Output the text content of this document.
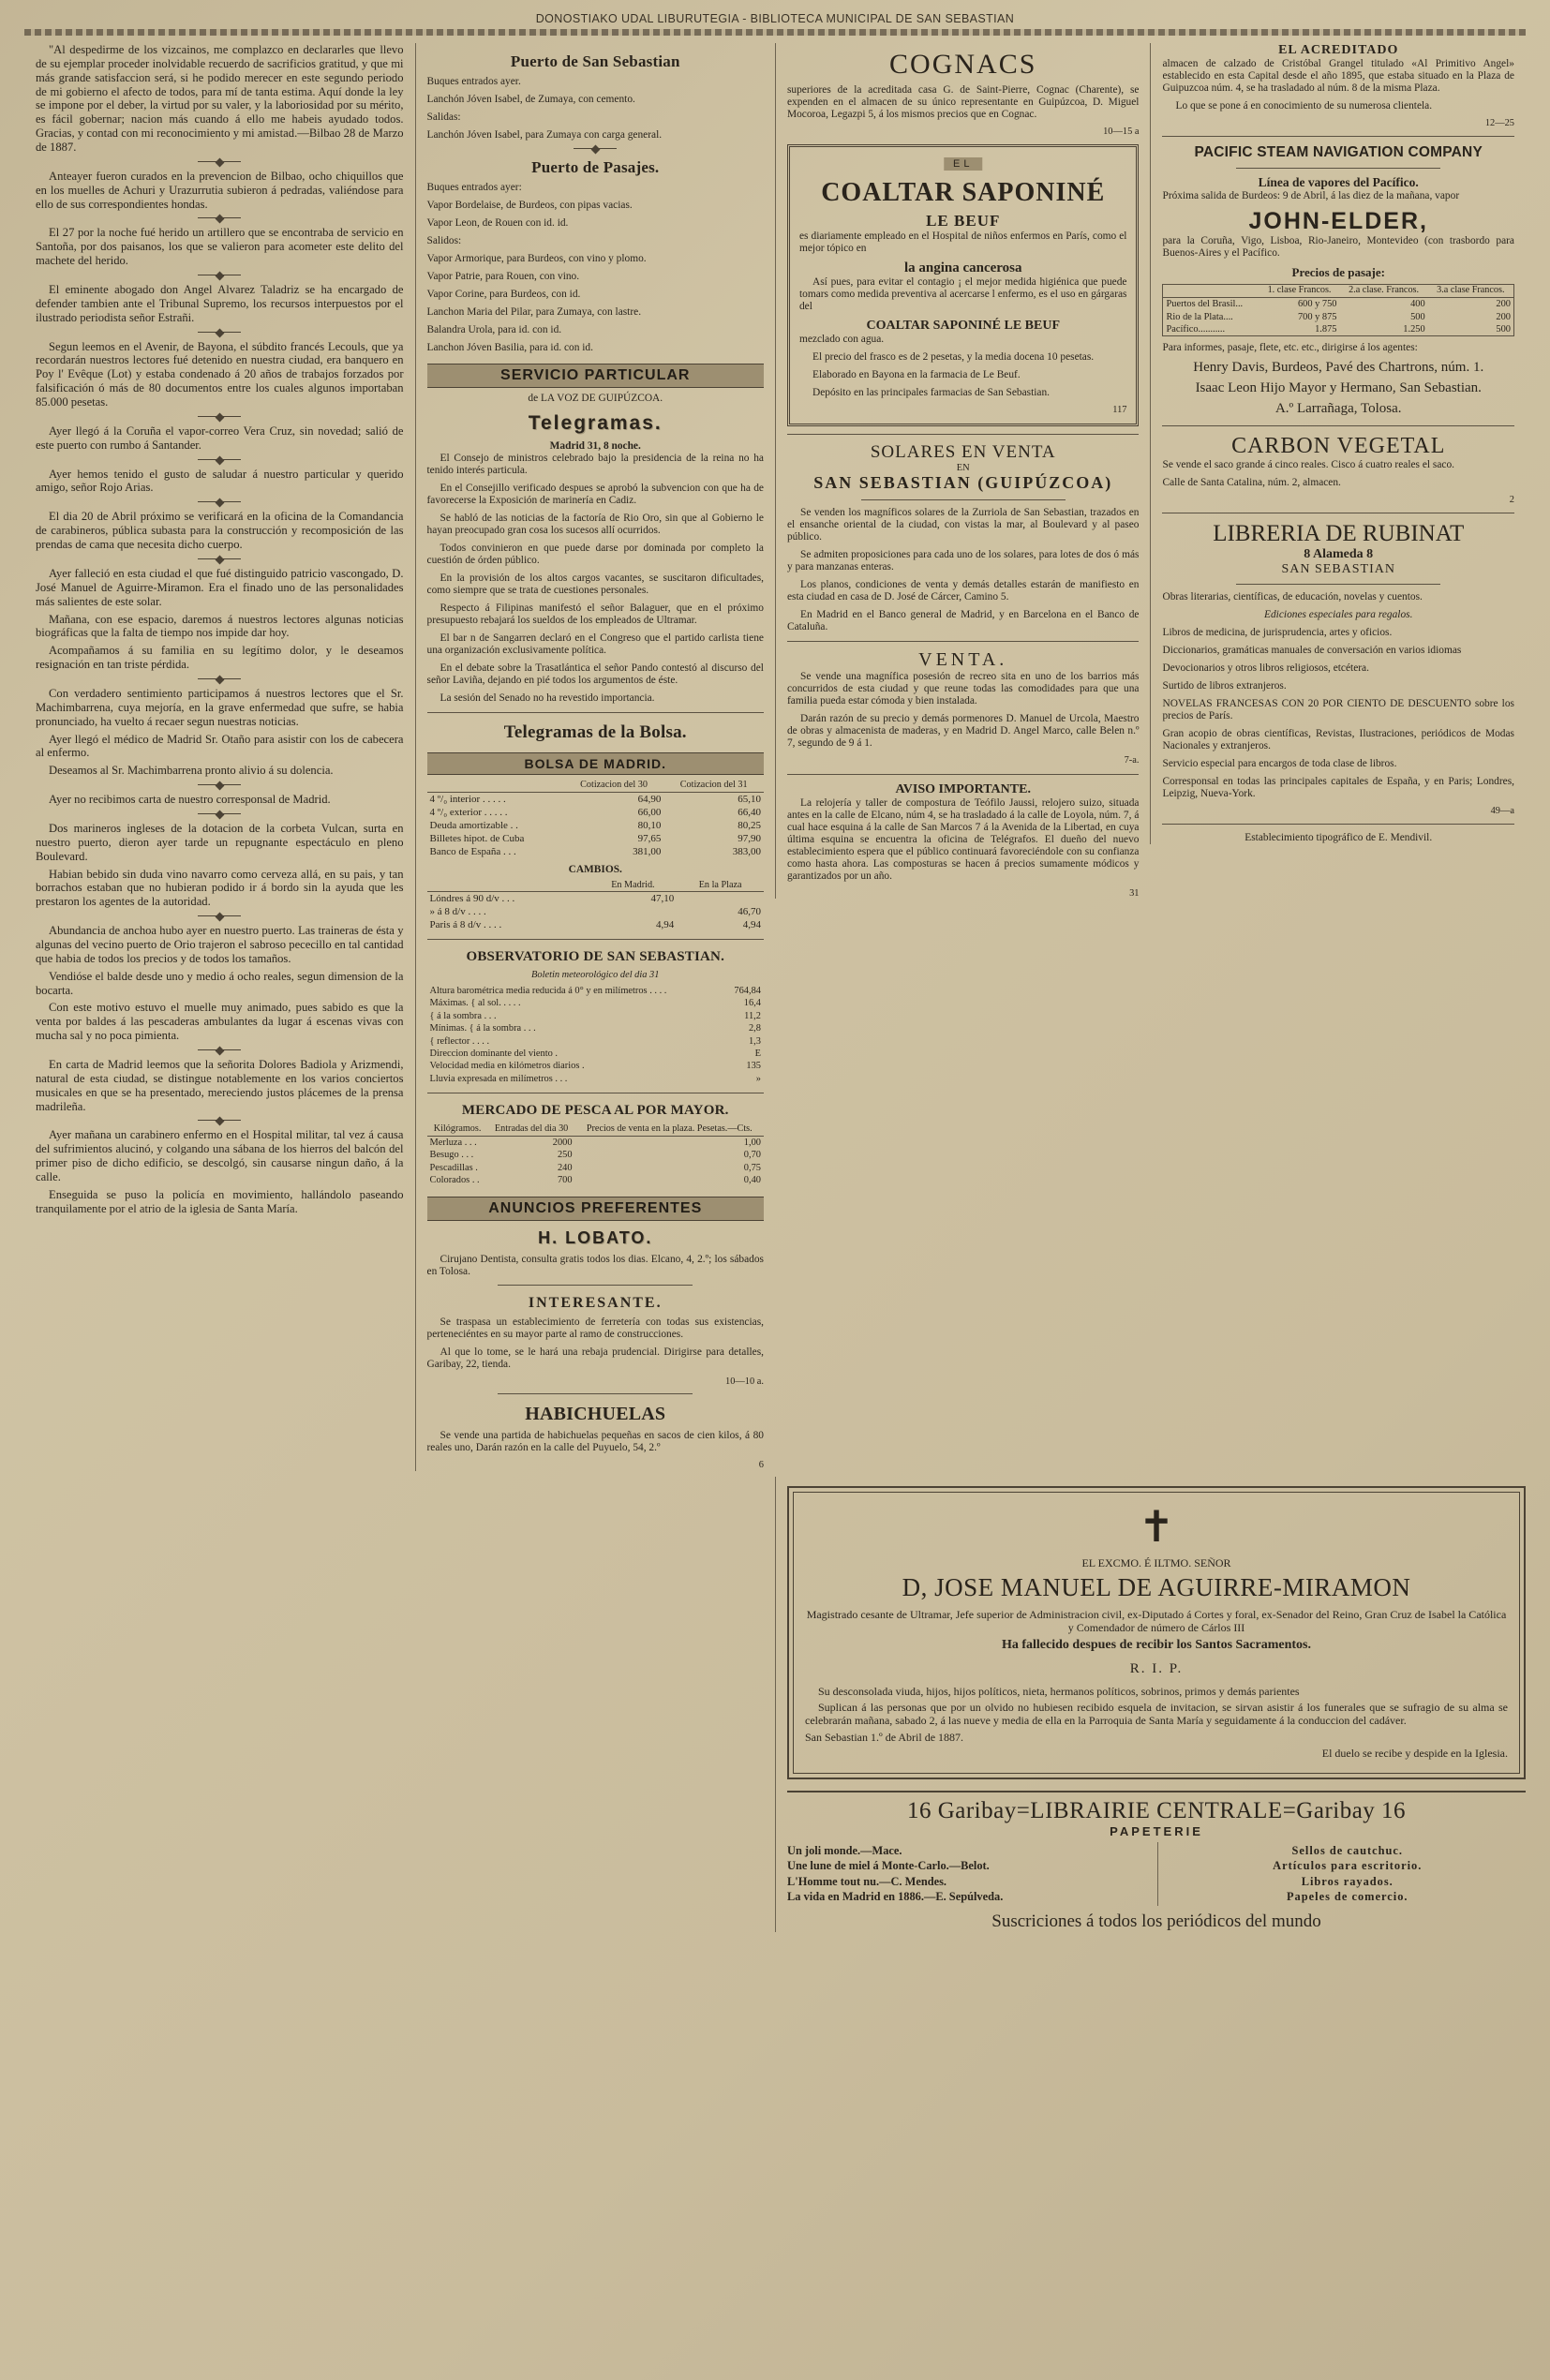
DONOSTIAKO UDAL LIBURUTEGIA - BIBLIOTECA MUNICIPAL DE SAN SEBASTIAN

"Al despedirme de los vizcainos, me complazco en declararles que llevo de su ejemplar proceder inolvidable recuerdo de sacrificios gratitud, y que mi más grande satisfaccion será, si he podido merecer en este segundo periodo de mi gobierno el afecto de todos, para mí de tanta estima. Aquí donde la ley se impone por el deber, la virtud por su valer, y la laboriosidad por su mérito, es fácil gobernar; nacion más cuando á ello me habeis ayudado todos. Gracias, y contad con mi reconocimiento y mi amistad.—Bilbao 28 de Marzo de 1887.

Anteayer fueron curados en la prevencion de Bilbao, ocho chiquillos que en los muelles de Achuri y Urazurrutia subieron á pedradas, valiéndose para ello de sus correspondientes hondas.

El 27 por la noche fué herido un artillero que se encontraba de servicio en Santoña, por dos paisanos, los que se valieron para acometer este delito del machete del herido.

El eminente abogado don Angel Alvarez Taladriz se ha encargado de defender tambien ante el Tribunal Supremo, los recursos interpuestos por el ilustrado periodista señor Estrañi.

Segun leemos en el Avenir, de Bayona, el súbdito francés Lecouls, que ya recordarán nuestros lectores fué detenido en nuestra ciudad, era banquero en Poy l' Evêque (Lot) y estaba condenado á 20 años de trabajos forzados por falsificación ó más de 80 documentos entre los cuales algunos importaban 85.000 pesetas.

Ayer llegó á la Coruña el vapor-correo Vera Cruz, sin novedad; salió de este puerto con rumbo á Santander.

Ayer hemos tenido el gusto de saludar á nuestro particular y querido amigo, señor Rojo Arias.

El dia 20 de Abril próximo se verificará en la oficina de la Comandancia de carabineros, pública subasta para la construcción y recomposición de las prendas de cama que necesita dicho cuerpo.

Ayer falleció en esta ciudad el que fué distinguido patricio vascongado, D. José Manuel de Aguirre-Miramon. Era el finado uno de las personalidades más salientes de este solar.

Mañana, con ese espacio, daremos á nuestros lectores algunas noticias biográficas que la falta de tiempo nos impide dar hoy.

Acompañamos á su familia en su legítimo dolor, y le deseamos resignación en tan triste pérdida.

Con verdadero sentimiento participamos á nuestros lectores que el Sr. Machimbarrena, cuya mejoría, en la grave enfermedad que sufre, se habia pronunciado, ha vuelto á recaer segun nuestras noticias.

Ayer llegó el médico de Madrid Sr. Otaño para asistir con los de cabecera al enfermo.

Deseamos al Sr. Machimbarrena pronto alivio á su dolencia.

Ayer no recibimos carta de nuestro corresponsal de Madrid.

Dos marineros ingleses de la dotacion de la corbeta Vulcan, surta en nuestro puerto, dieron ayer tarde un repugnante espectáculo en pleno Boulevard.

Habian bebido sin duda vino navarro como cerveza allá, en su pais, y tan borrachos estaban que no hubieran podido ir á bordo sin la ayuda que les prestaron los agentes de la autoridad.

Abundancia de anchoa hubo ayer en nuestro puerto. Las traineras de ésta y algunas del vecino puerto de Orio trajeron el sabroso pececillo en tal cantidad que habia de todos los precios y de todos los tamaños.

Vendióse el balde desde uno y medio á ocho reales, segun dimension de la bocarta.

Con este motivo estuvo el muelle muy animado, pues sabido es que la venta por baldes á las pescaderas ambulantes da lugar á escenas vivas con mucha sal y no poca pimienta.

En carta de Madrid leemos que la señorita Dolores Badiola y Arizmendi, natural de esta ciudad, se distingue notablemente en los varios conciertos musicales en que se ha presentado, mereciendo justos plácemes de la prensa madrileña.

Ayer mañana un carabinero enfermo en el Hospital militar, tal vez á causa del sufrimientos alucinó, y colgando una sábana de los hierros del balcón del primer piso de dicho edificio, se descolgó, sin causarse ningun daño, á la calle.

Enseguida se puso la policía en movimiento, hallándolo paseando tranquilamente por el atrio de la iglesia de Santa María.

Puerto de San Sebastian

Buques entrados ayer.

Lanchón Jóven Isabel, de Zumaya, con cemento.

Salidas:

Lanchón Jóven Isabel, para Zumaya con carga general.

Puerto de Pasajes.

Buques entrados ayer:

Vapor Bordelaise, de Burdeos, con pipas vacias.

Vapor Leon, de Rouen con id. id.

Salidos:

Vapor Armorique, para Burdeos, con vino y plomo.

Vapor Patrie, para Rouen, con vino.

Vapor Corine, para Burdeos, con id.

Lanchon Maria del Pilar, para Zumaya, con lastre.

Balandra Urola, para id. con id.

Lanchon Jóven Basilia, para id. con id.

SERVICIO PARTICULAR
de LA VOZ DE GUIPÚZCOA.
Telegramas.
Madrid 31, 8 noche.

El Consejo de ministros celebrado bajo la presidencia de la reina no ha tenido interés particula.

En el Consejillo verificado despues se aprobó la subvencion con que ha de favorecerse la Exposición de marinería en Cadiz.

Se habló de las noticias de la factoría de Rio Oro, sin que al Gobierno le hayan preocupado gran cosa los sucesos allí ocurridos.

Todos convinieron en que puede darse por dominada por completo la cuestión de órden público.

En la provisión de los altos cargos vacantes, se suscitaron dificultades, como siempre que se trata de cuestiones personales.

Respecto á Filipinas manifestó el señor Balaguer, que en el próximo presupuesto rebajará los sueldos de los empleados de Ultramar.

El bar n de Sangarren declaró en el Congreso que el partido carlista tiene una organización exclusivamente política.

En el debate sobre la Trasatlántica el señor Pando contestó al discurso del señor Laviña, dejando en pié todos los argumentos de éste.

La sesión del Senado no ha revestido importancia.

Telegramas de la Bolsa.
BOLSA DE MADRID.
	Cotizacion del 30	Cotizacion del 31
4 º/₀ interior . . . . .	64,90	65,10
4 º/₀ exterior . . . . .	66,00	66,40
Deuda amortizable . .	80,10	80,25
Billetes hipot. de Cuba	97,65	97,90
Banco de España . . .	381,00	383,00
CAMBIOS.
	En Madrid.	En la Plaza
Lóndres á 90 d/v . . .	47,10	
» á 8 d/v . . . .		46,70
Paris á 8 d/v . . . .	4,94	4,94
OBSERVATORIO DE SAN SEBASTIAN.
Boletin meteorológico del dia 31
Altura barométrica media reducida á 0° y en milímetros . . . .	764,84
Máximas. { al sol. . . . .	16,4
{ á la sombra . . .	11,2
Mínimas. { á la sombra . . .	2,8
{ reflector . . . .	1,3
Direccion dominante del viento .	E
Velocidad media en kilómetros diarios .	135
Lluvia expresada en milímetros . . .	»
MERCADO DE PESCA AL POR MAYOR.
Kilógramos.	Entradas del dia 30	Precios de venta en la plaza. Pesetas.—Cts.
Merluza . . .	2000	1,00
Besugo . . .	250	0,70
Pescadillas .	240	0,75
Colorados . .	700	0,40
ANUNCIOS PREFERENTES
H. LOBATO.

Cirujano Dentista, consulta gratis todos los dias. Elcano, 4, 2.º; los sábados en Tolosa.

INTERESANTE.

Se traspasa un establecimiento de ferretería con todas sus existencias, perteneciéntes en su mayor parte al ramo de construcciones.

Al que lo tome, se le hará una rebaja prudencial. Dirigirse para detalles, Garibay, 22, tienda.

10—10 a.
HABICHUELAS

Se vende una partida de habichuelas pequeñas en sacos de cien kilos, á 80 reales uno, Darán razón en la calle del Puyuelo, 54, 2.º

6
COGNACS

superiores de la acreditada casa G. de Saint-Pierre, Cognac (Charente), se expenden en el almacen de su único representante en Guipúzcoa, D. Miguel Mocoroa, Legazpi 5, á los mismos precios que en Cognac.

10—15 a
EL
COALTAR SAPONINÉ
LE BEUF

es diariamente empleado en el Hospital de niños enfermos en París, como el mejor tópico en

la angina cancerosa

Así pues, para evitar el contagio ¡ el mejor medida higiénica que puede tomars como medida preventiva al acercarse l enfermo, es el uso en gárgaras del

COALTAR SAPONINÉ LE BEUF

mezclado con agua.

El precio del frasco es de 2 pesetas, y la media docena 10 pesetas.

Elaborado en Bayona en la farmacia de Le Beuf.

Depósito en las principales farmacias de San Sebastian.

117
SOLARES EN VENTA
EN
SAN SEBASTIAN (GUIPÚZCOA)

Se venden los magníficos solares de la Zurriola de San Sebastian, trazados en el ensanche oriental de la ciudad, con vistas la mar, al Boulevard y al paseo público.

Se admiten proposiciones para cada uno de los solares, para lotes de dos ó más y para manzanas enteras.

Los planos, condiciones de venta y demás detalles estarán de manifiesto en esta ciudad en casa de D. José de Cárcer, Camino 5.

En Madrid en el Banco general de Madrid, y en Barcelona en el Banco de Cataluña.

VENTA.

Se vende una magnífica posesión de recreo sita en uno de los barrios más concurridos de esta ciudad y que reune todas las comodidades para que una familia pueda estar cómoda y bien instalada.

Darán razón de su precio y demás pormenores D. Manuel de Urcola, Maestro de obras y almacenista de maderas, y en Madrid D. Angel Marco, calle Belen n.º 7, segundo de 9 á 1.

7-a.
AVISO IMPORTANTE.

La relojería y taller de compostura de Teófilo Jaussi, relojero suizo, situada antes en la calle de Elcano, núm 4, se ha trasladado á la calle de Loyola, núm. 7, á cual hace esquina á la calle de San Marcos 7 á la Avenida de la Libertad, en cuya última esquina se encuentra la oficina de Telégrafos. El dueño del nuevo establecimiento espera que el público continuará favoreciéndole con su confianza como hasta ahora. Las composturas se hacen á precios sumamente módicos y garantizados por un año.

31
EL ACREDITADO

almacen de calzado de Cristóbal Grangel titulado «Al Primitivo Angel» establecido en esta Capital desde el año 1895, que estaba situado en la Plaza de Guipuzcoa núm. 4, se ha trasladado al núm. 8 de la misma Plaza.

Lo que se pone á en conocimiento de su numerosa clientela.

12—25
PACIFIC STEAM NAVIGATION COMPANY
Línea de vapores del Pacífico.

Próxima salida de Burdeos: 9 de Abril, á las diez de la mañana, vapor

JOHN-ELDER,

para la Coruña, Vigo, Lisboa, Rio-Janeiro, Montevideo (con trasbordo para Buenos-Aires y el Pacífico.

Precios de pasaje:
	1. clase Francos.	2.a clase. Francos.	3.a clase Francos.
Puertos del Brasil...	600 y 750	400	200
Rio de la Plata....	700 y 875	500	200
Pacífico...........	1.875	1.250	500

Para informes, pasaje, flete, etc. etc., dirigirse á los agentes:

Henry Davis, Burdeos, Pavé des Chartrons, núm. 1.

Isaac Leon Hijo Mayor y Hermano, San Sebastian.

A.º Larrañaga, Tolosa.

CARBON VEGETAL

Se vende el saco grande á cinco reales. Cisco á cuatro reales el saco.

Calle de Santa Catalina, núm. 2, almacen.

2
LIBRERIA DE RUBINAT
8 Alameda 8
SAN SEBASTIAN

Obras literarias, científicas, de educación, novelas y cuentos.

Ediciones especiales para regalos.

Libros de medicina, de jurisprudencia, artes y oficios.

Diccionarios, gramáticas manuales de conversación en varios idiomas

Devocionarios y otros libros religiosos, etcétera.

Surtido de libros extranjeros.

NOVELAS FRANCESAS CON 20 POR CIENTO DE DESCUENTO sobre los precios de París.

Gran acopio de obras científicas, Revistas, Ilustraciones, periódicos de Modas Nacionales y extranjeros.

Servicio especial para encargos de toda clase de libros.

Corresponsal en todas las principales capitales de España, y en Paris; Londres, Leipzig, Nueva-York.

49—a
Establecimiento tipográfico de E. Mendivil.
✝

EL EXCMO. É ILTMO. SEÑOR

D, JOSE MANUEL DE AGUIRRE-MIRAMON

Magistrado cesante de Ultramar, Jefe superior de Administracion civil, ex-Diputado á Cortes y foral, ex-Senador del Reino, Gran Cruz de Isabel la Católica y Comendador de número de Cárlos III

Ha fallecido despues de recibir los Santos Sacramentos.

R. I. P.

Su desconsolada viuda, hijos, hijos políticos, nieta, hermanos políticos, sobrinos, primos y demás parientes

Suplican á las personas que por un olvido no hubiesen recibido esquela de invitacion, se sirvan asistir á los funerales que se sufragio de su alma se celebrarán mañana, sabado 2, á las nueve y media de ella en la Parroquia de Santa María y seguidamente á la conduccion del cadáver.

San Sebastian 1.º de Abril de 1887.

El duelo se recibe y despide en la Iglesia.

16 Garibay=LIBRAIRIE CENTRALE=Garibay 16
PAPETERIE

Un joli monde.—Mace.

Une lune de miel á Monte-Carlo.—Belot.

L'Homme tout nu.—C. Mendes.

La vida en Madrid en 1886.—E. Sepúlveda.

Sellos de cautchuc.

Artículos para escritorio.

Libros rayados.

Papeles de comercio.

Suscriciones á todos los periódicos del mundo
